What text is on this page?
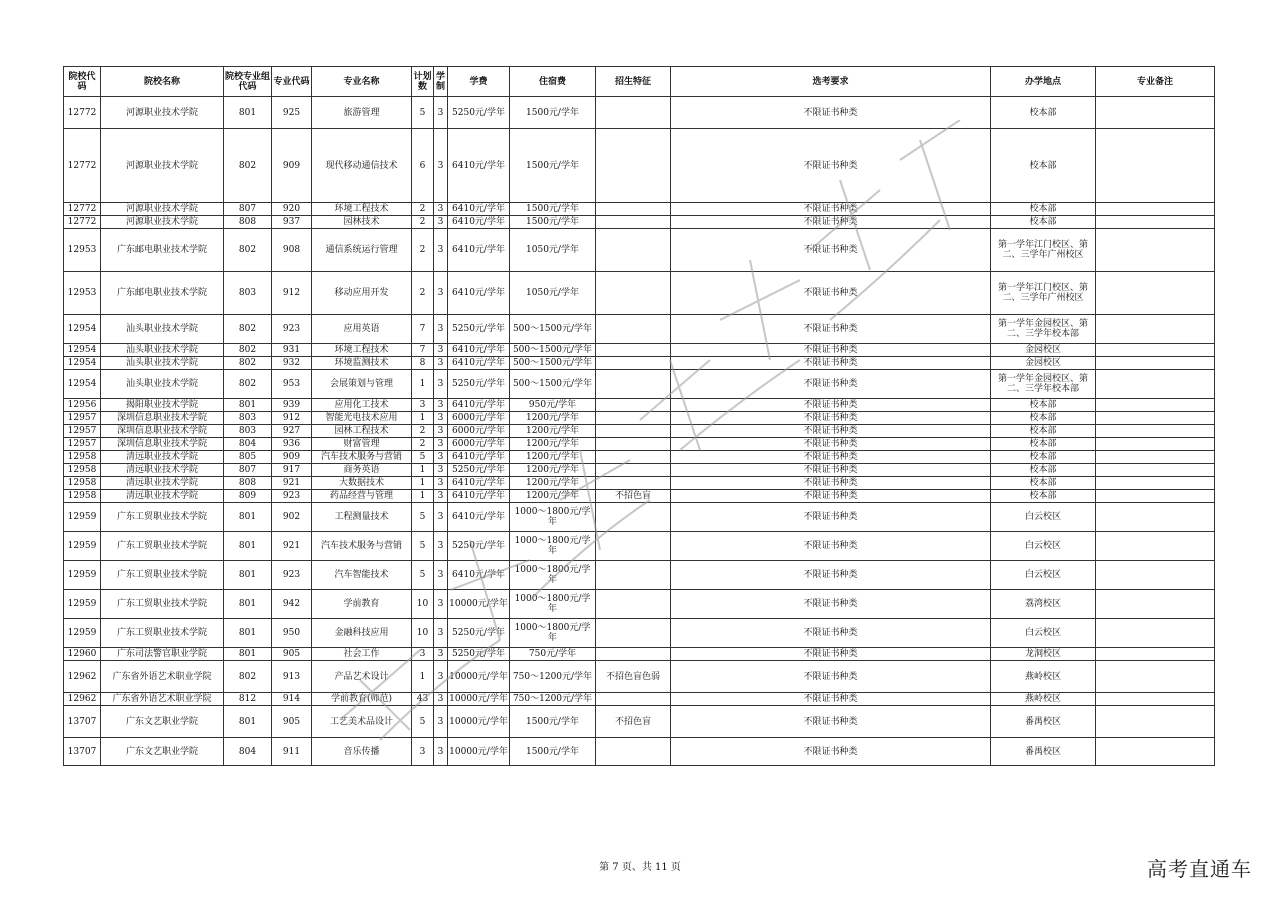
院校代码	院校名称	院校专业组代码	专业代码	专业名称	计划数	学制	学费	住宿费	招生特征	选考要求	办学地点	专业备注
12772	河源职业技术学院	801	925	旅游管理	5	3	5250元/学年	1500元/学年		不限证书种类	校本部	
12772	河源职业技术学院	802	909	现代移动通信技术	6	3	6410元/学年	1500元/学年		不限证书种类	校本部	
12772	河源职业技术学院	807	920	环境工程技术	2	3	6410元/学年	1500元/学年		不限证书种类	校本部	
12772	河源职业技术学院	808	937	园林技术	2	3	6410元/学年	1500元/学年		不限证书种类	校本部	
12953	广东邮电职业技术学院	802	908	通信系统运行管理	2	3	6410元/学年	1050元/学年		不限证书种类	第一学年江门校区、第二、三学年广州校区	
12953	广东邮电职业技术学院	803	912	移动应用开发	2	3	6410元/学年	1050元/学年		不限证书种类	第一学年江门校区、第二、三学年广州校区	
12954	汕头职业技术学院	802	923	应用英语	7	3	5250元/学年	500～1500元/学年		不限证书种类	第一学年金园校区、第二、三学年校本部	
12954	汕头职业技术学院	802	931	环境工程技术	7	3	6410元/学年	500～1500元/学年		不限证书种类	金园校区	
12954	汕头职业技术学院	802	932	环境监测技术	8	3	6410元/学年	500～1500元/学年		不限证书种类	金园校区	
12954	汕头职业技术学院	802	953	会展策划与管理	1	3	5250元/学年	500～1500元/学年		不限证书种类	第一学年金园校区、第二、三学年校本部	
12956	揭阳职业技术学院	801	939	应用化工技术	3	3	6410元/学年	950元/学年		不限证书种类	校本部	
12957	深圳信息职业技术学院	803	912	智能光电技术应用	1	3	6000元/学年	1200元/学年		不限证书种类	校本部	
12957	深圳信息职业技术学院	803	927	园林工程技术	2	3	6000元/学年	1200元/学年		不限证书种类	校本部	
12957	深圳信息职业技术学院	804	936	财富管理	2	3	6000元/学年	1200元/学年		不限证书种类	校本部	
12958	清远职业技术学院	805	909	汽车技术服务与营销	5	3	6410元/学年	1200元/学年		不限证书种类	校本部	
12958	清远职业技术学院	807	917	商务英语	1	3	5250元/学年	1200元/学年		不限证书种类	校本部	
12958	清远职业技术学院	808	921	大数据技术	1	3	6410元/学年	1200元/学年		不限证书种类	校本部	
12958	清远职业技术学院	809	923	药品经营与管理	1	3	6410元/学年	1200元/学年	不招色盲	不限证书种类	校本部	
12959	广东工贸职业技术学院	801	902	工程测量技术	5	3	6410元/学年	1000～1800元/学年		不限证书种类	白云校区	
12959	广东工贸职业技术学院	801	921	汽车技术服务与营销	5	3	5250元/学年	1000～1800元/学年		不限证书种类	白云校区	
12959	广东工贸职业技术学院	801	923	汽车智能技术	5	3	6410元/学年	1000～1800元/学年		不限证书种类	白云校区	
12959	广东工贸职业技术学院	801	942	学前教育	10	3	10000元/学年	1000～1800元/学年		不限证书种类	荔湾校区	
12959	广东工贸职业技术学院	801	950	金融科技应用	10	3	5250元/学年	1000～1800元/学年		不限证书种类	白云校区	
12960	广东司法警官职业学院	801	905	社会工作	3	3	5250元/学年	750元/学年		不限证书种类	龙洞校区	
12962	广东省外语艺术职业学院	802	913	产品艺术设计	1	3	10000元/学年	750～1200元/学年	不招色盲色弱	不限证书种类	燕岭校区	
12962	广东省外语艺术职业学院	812	914	学前教育(师范)	43	3	10000元/学年	750～1200元/学年		不限证书种类	燕岭校区	
13707	广东文艺职业学院	801	905	工艺美术品设计	5	3	10000元/学年	1500元/学年	不招色盲	不限证书种类	番禺校区	
13707	广东文艺职业学院	804	911	音乐传播	3	3	10000元/学年	1500元/学年		不限证书种类	番禺校区	
第 7 页、共 11 页	高考直通车
